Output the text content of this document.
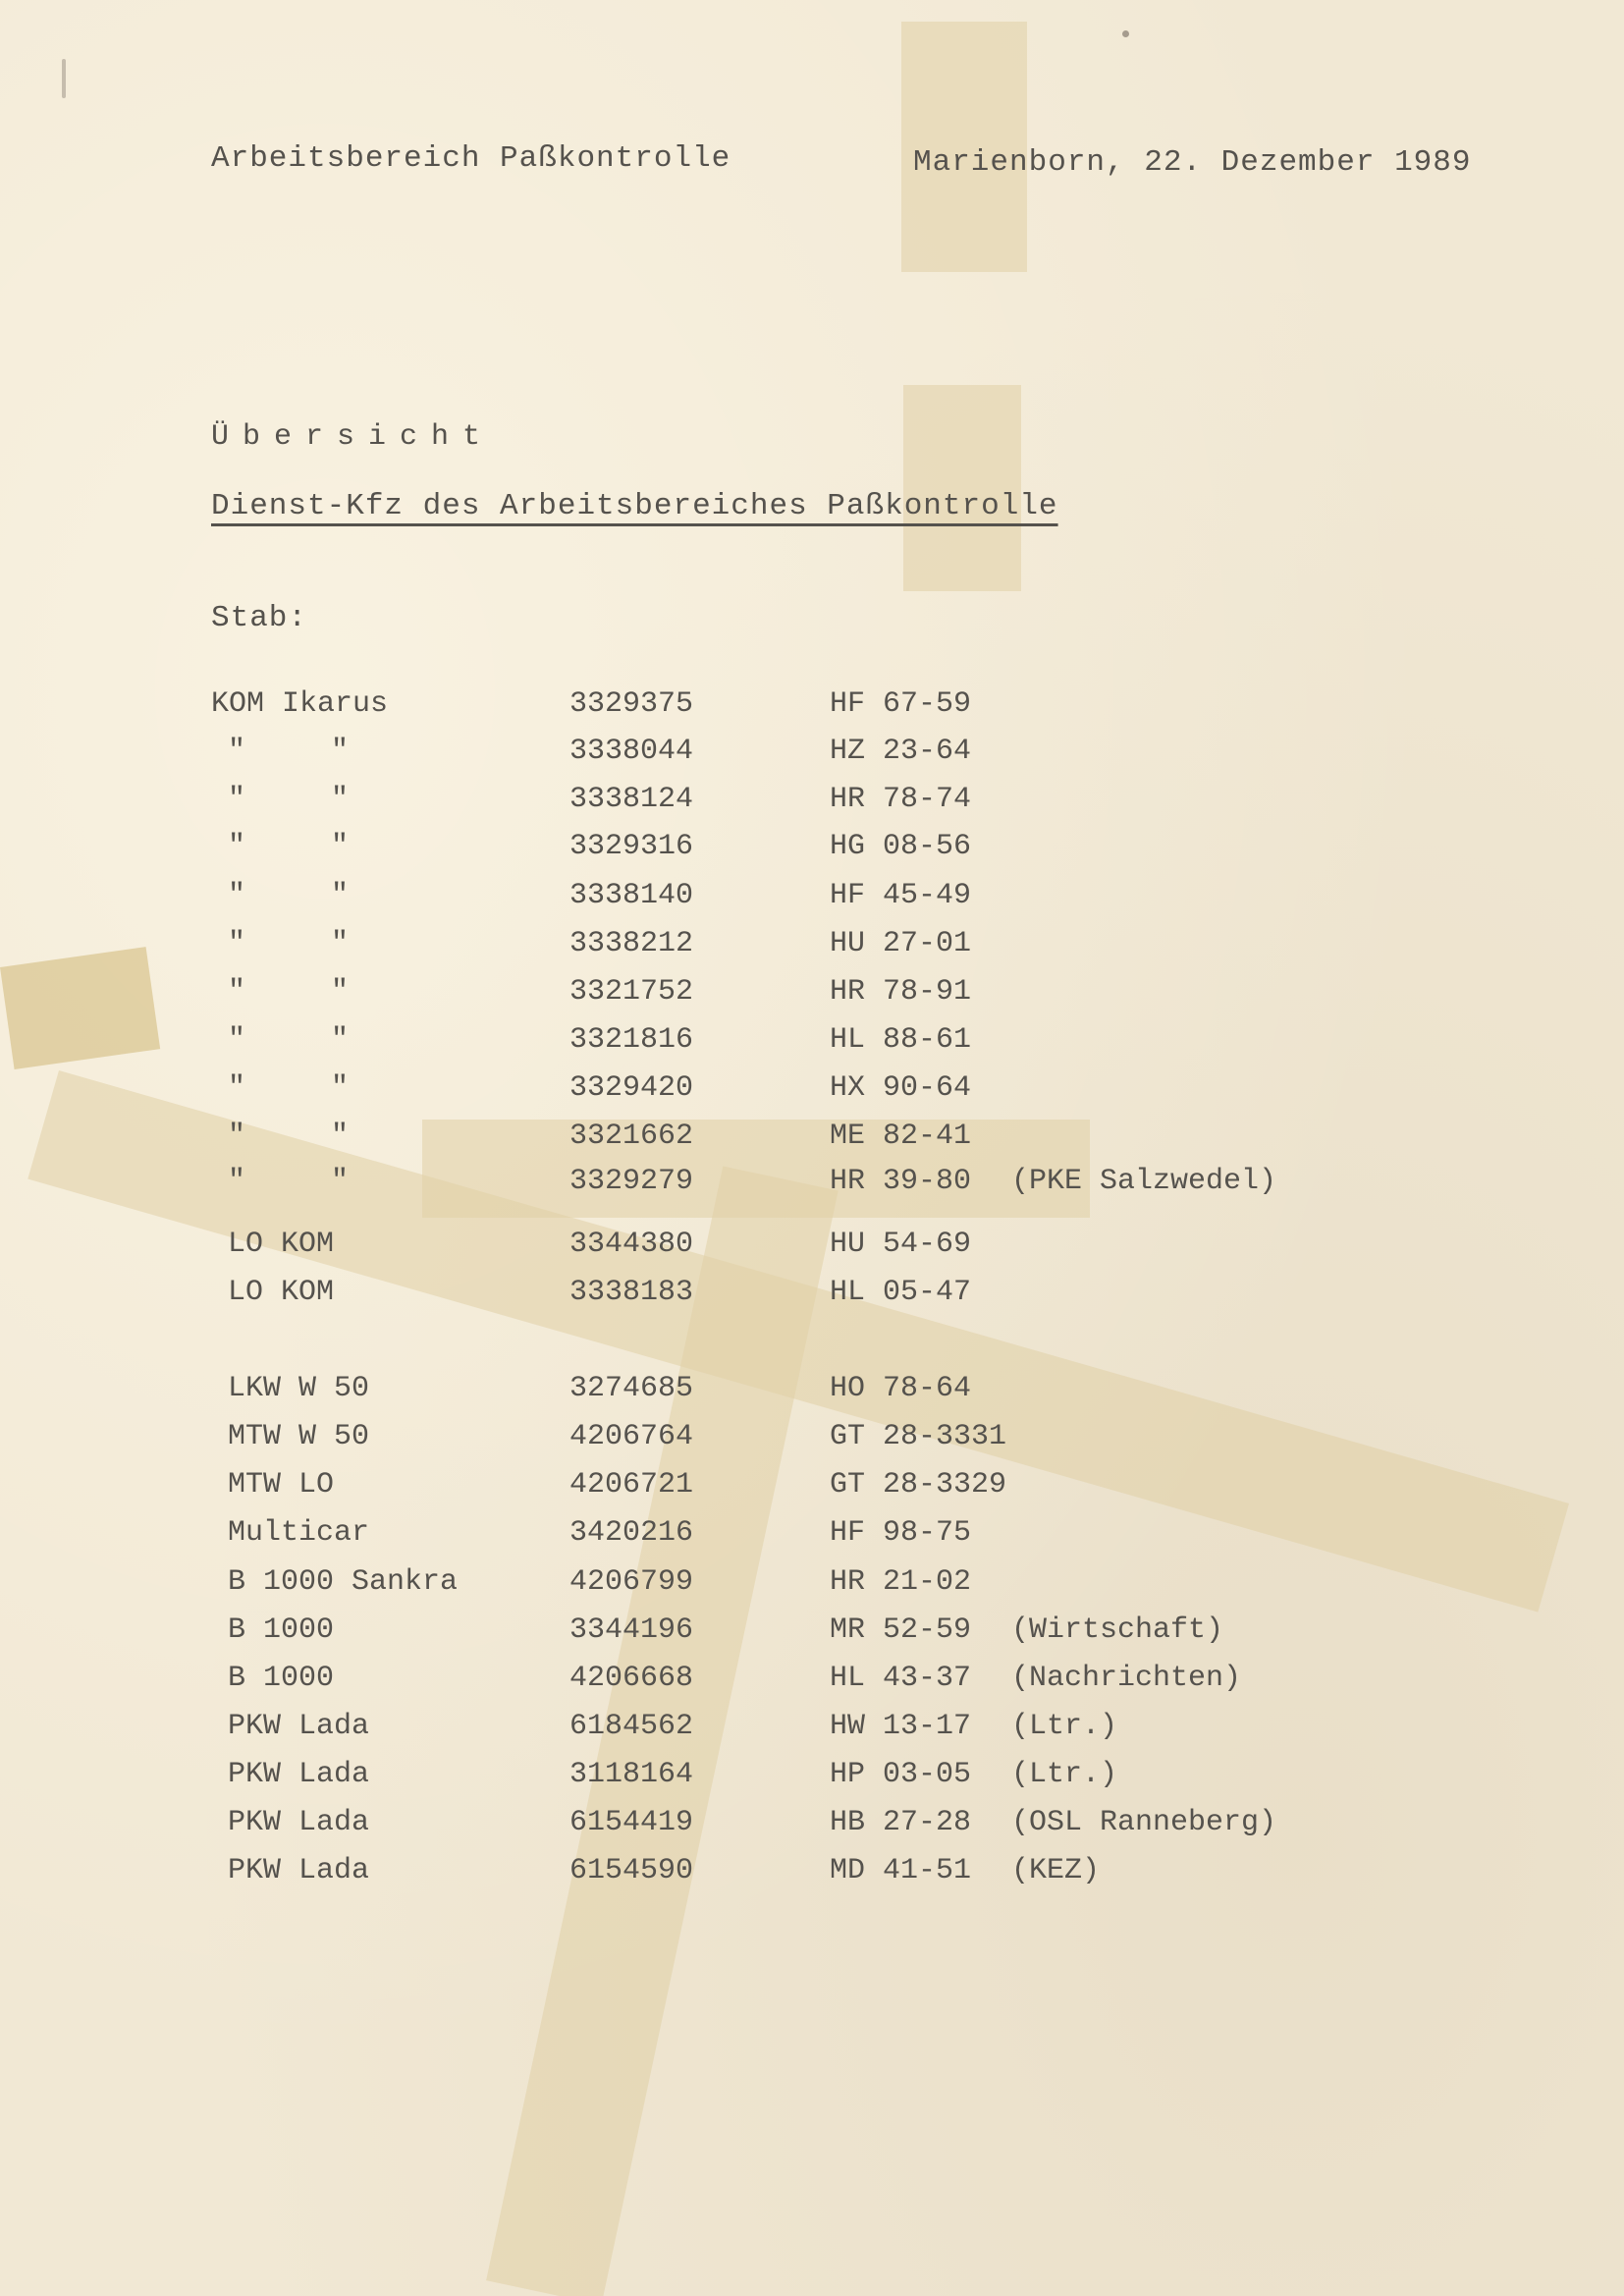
Arbeitsbereich Paßkontrolle	Marienborn, 22. Dezember 1989
Übersicht
Dienst-Kfz des Arbeitsbereiches Paßkontrolle
Stab:
KOM Ikarus	3329375	HF 67-59
"	"	3338044	HZ 23-64
"	"	3338124	HR 78-74
"	"	3329316	HG 08-56
"	"	3338140	HF 45-49
"	"	3338212	HU 27-01
"	"	3321752	HR 78-91
"	"	3321816	HL 88-61
"	"	3329420	HX 90-64
"	"	3321662	ME 82-41
"	"	3329279	HR 39-80 (PKE Salzwedel)
LO KOM	3344380	HU 54-69
LO KOM	3338183	HL 05-47
LKW W 50	3274685	HO 78-64
MTW W 50	4206764	GT 28-3331
MTW LO	4206721	GT 28-3329
Multicar	3420216	HF 98-75
B 1000 Sankra	4206799	HR 21-02
B 1000	3344196	MR 52-59 (Wirtschaft)
B 1000	4206668	HL 43-37 (Nachrichten)
PKW Lada	6184562	HW 13-17 (Ltr.)
PKW Lada	3118164	HP 03-05 (Ltr.)
PKW Lada	6154419	HB 27-28 (OSL Ranneberg)
PKW Lada	6154590	MD 41-51 (KEZ)
